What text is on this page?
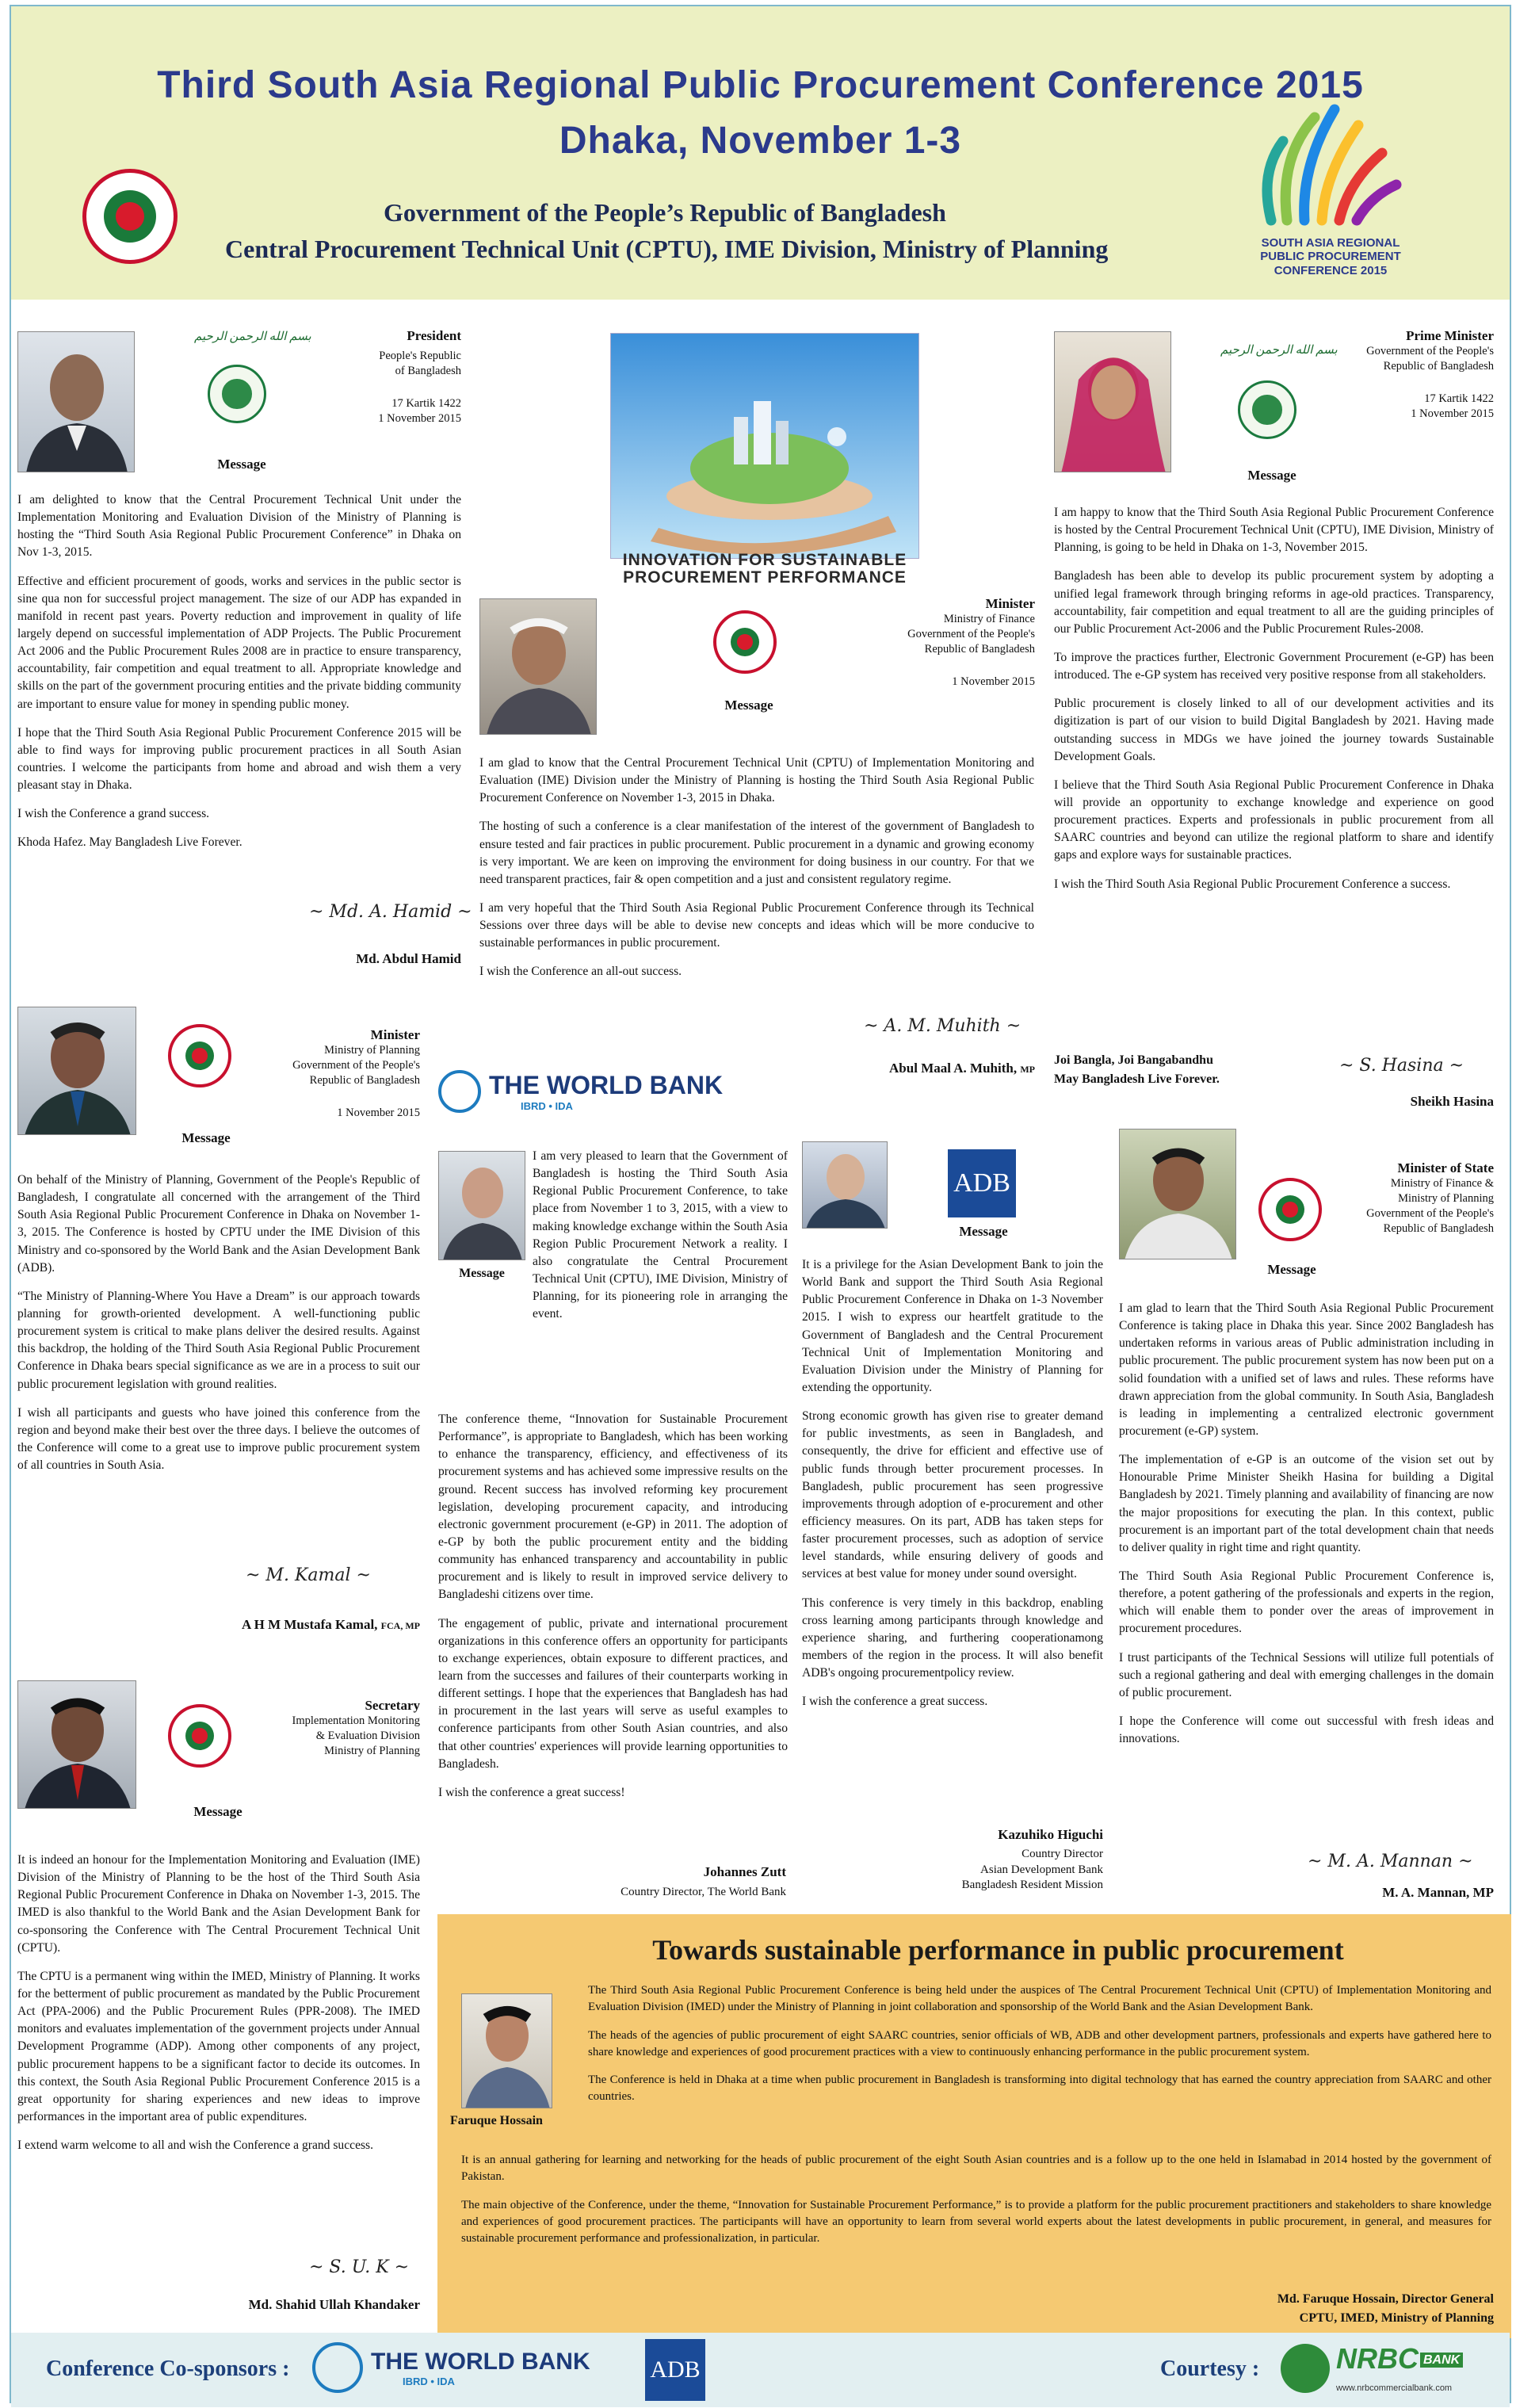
Third South Asia Regional Public Procurement Conference 2015
Dhaka, November 1-3
Government of the People’s Republic of Bangladesh
Central Procurement Technical Unit (CPTU), IME Division, Ministry of Planning	SOUTH ASIA REGIONAL
PUBLIC PROCUREMENT
CONFERENCE 2015
بسم الله الرحمن الرحيم	President
People's Republic
of Bangladesh
17 Kartik 1422
1 November 2015
Message

I am delighted to know that the Central Procurement Technical Unit under the Implementation Monitoring and Evaluation Division of the Ministry of Planning is hosting the “Third South Asia Regional Public Procurement Conference” in Dhaka on Nov 1-3, 2015.

Effective and efficient procurement of goods, works and services in the public sector is sine qua non for successful project management. The size of our ADP has expanded in manifold in recent past years. Poverty reduction and improvement in quality of life largely depend on successful implementation of ADP Projects. The Public Procurement Act 2006 and the Public Procurement Rules 2008 are in practice to ensure transparency, accountability, fair competition and equal treatment to all. Appropriate knowledge and skills on the part of the government procuring entities and the private bidding community are important to ensure value for money in spending public money.

I hope that the Third South Asia Regional Public Procurement Conference 2015 will be able to find ways for improving public procurement practices in all South Asian countries. I welcome the participants from home and abroad and wish them a very pleasant stay in Dhaka.

I wish the Conference a grand success.

Khoda Hafez. May Bangladesh Live Forever.

~ Md. A. Hamid ~
Md. Abdul Hamid
INNOVATION FOR SUSTAINABLE
PROCUREMENT PERFORMANCE
بسم الله الرحمن الرحيم
Prime Minister
Government of the People's
Republic of Bangladesh
17 Kartik 1422
1 November 2015
Message

I am happy to know that the Third South Asia Regional Public Procurement Conference is hosted by the Central Procurement Technical Unit (CPTU), IME Division, Ministry of Planning, is going to be held in Dhaka on 1-3, November 2015.

Bangladesh has been able to develop its public procurement system by adopting a unified legal framework through bringing reforms in age-old practices. Transparency, accountability, fair competition and equal treatment to all are the guiding principles of our Public Procurement Act-2006 and the Public Procurement Rules-2008.

To improve the practices further, Electronic Government Procurement (e-GP) has been introduced. The e-GP system has received very positive response from all stakeholders.

Public procurement is closely linked to all of our development activities and its digitization is part of our vision to build Digital Bangladesh by 2021. Having made outstanding success in MDGs we have joined the journey towards Sustainable Development Goals.

I believe that the Third South Asia Regional Public Procurement Conference in Dhaka will provide an opportunity to exchange knowledge and experience on good procurement practices. Experts and professionals in public procurement from all SAARC countries and beyond can utilize the regional platform to share and identify gaps and explore ways for sustainable practices.

I wish the Third South Asia Regional Public Procurement Conference a success.

Joi Bangla, Joi Bangabandhu
May Bangladesh Live Forever.
~ S. Hasina ~
Sheikh Hasina
Message
Minister
Ministry of Finance
Government of the People's
Republic of Bangladesh
1 November 2015

I am glad to know that the Central Procurement Technical Unit (CPTU) of Implementation Monitoring and Evaluation (IME) Division under the Ministry of Planning is hosting the Third South Asia Regional Public Procurement Conference on November 1-3, 2015 in Dhaka.

The hosting of such a conference is a clear manifestation of the interest of the government of Bangladesh to ensure tested and fair practices in public procurement. Public procurement in a dynamic and growing economy is very important. We are keen on improving the environment for doing business in our country. For that we need transparent practices, fair & open competition and a just and consistent regulatory regime.

I am very hopeful that the Third South Asia Regional Public Procurement Conference through its Technical Sessions over three days will be able to devise new concepts and ideas which will be more conducive to sustainable performances in public procurement.

I wish the Conference an all-out success.

~ A. M. Muhith ~
Abul Maal A. Muhith, MP
Message
Minister
Ministry of Planning
Government of the People's
Republic of Bangladesh
1 November 2015

On behalf of the Ministry of Planning, Government of the People's Republic of Bangladesh, I congratulate all concerned with the arrangement of the Third South Asia Regional Public Procurement Conference in Dhaka on November 1-3, 2015. The Conference is hosted by CPTU under the IME Division of this Ministry and co-sponsored by the World Bank and the Asian Development Bank (ADB).

“The Ministry of Planning-Where You Have a Dream” is our approach towards planning for growth-oriented development. A well-functioning public procurement system is critical to make plans deliver the desired results. Against this backdrop, the holding of the Third South Asia Regional Public Procurement Conference in Dhaka bears special significance as we are in a process to suit our public procurement legislation with ground realities.

I wish all participants and guests who have joined this conference from the region and beyond make their best over the three days. I believe the outcomes of the Conference will come to a great use to improve public procurement system of all countries in South Asia.

~ M. Kamal ~
A H M Mustafa Kamal, FCA, MP
THE WORLD BANK
IBRD • IDA
Message

I am very pleased to learn that the Government of Bangladesh is hosting the Third South Asia Regional Public Procurement Conference, to take place from November 1 to 3, 2015, with a view to making knowledge exchange within the South Asia Region Public Procurement Network a reality. I also congratulate the Central Procurement Technical Unit (CPTU), IME Division, Ministry of Planning, for its pioneering role in arranging the event.

The conference theme, “Innovation for Sustainable Procurement Performance”, is appropriate to Bangladesh, which has been working to enhance the transparency, efficiency, and effectiveness of its procurement systems and has achieved some impressive results on the ground. Recent success has involved reforming key procurement legislation, developing procurement capacity, and introducing electronic government procurement (e-GP) in 2011. The adoption of e-GP by both the public procurement entity and the bidding community has enhanced transparency and accountability in public procurement and is likely to result in improved service delivery to Bangladeshi citizens over time.

The engagement of public, private and international procurement organizations in this conference offers an opportunity for participants to exchange experiences, obtain exposure to different practices, and learn from the successes and failures of their counterparts working in different settings. I hope that the experiences that Bangladesh has had in procurement in the last years will serve as useful examples to conference participants from other South Asian countries, and also that other countries' experiences will provide learning opportunities to Bangladesh.

I wish the conference a great success!

Johannes Zutt
Country Director, The World Bank
ADB
Message

It is a privilege for the Asian Development Bank to join the World Bank and support the Third South Asia Regional Public Procurement Conference in Dhaka on 1-3 November 2015. I wish to express our heartfelt gratitude to the Government of Bangladesh and the Central Procurement Technical Unit of Implementation Monitoring and Evaluation Division under the Ministry of Planning for extending the opportunity.

Strong economic growth has given rise to greater demand for public investments, as seen in Bangladesh, and consequently, the drive for efficient and effective use of public funds through better procurement processes. In Bangladesh, public procurement has seen progressive improvements through adoption of e-procurement and other efficiency measures. On its part, ADB has taken steps for faster procurement processes, such as adoption of service level standards, while ensuring delivery of goods and services at best value for money under sound oversight.

This conference is very timely in this backdrop, enabling cross learning among participants through knowledge and experience sharing, and furthering cooperationamong members of the region in the process. It will also benefit ADB's ongoing procurementpolicy review.

I wish the conference a great success.

Kazuhiko Higuchi
Country Director
Asian Development Bank
Bangladesh Resident Mission
Message
Minister of State
Ministry of Finance &
Ministry of Planning
Government of the People's
Republic of Bangladesh

I am glad to learn that the Third South Asia Regional Public Procurement Conference is taking place in Dhaka this year. Since 2002 Bangladesh has undertaken reforms in various areas of Public administration including in public procurement. The public procurement system has now been put on a solid foundation with a unified set of laws and rules. These reforms have drawn appreciation from the global community. In South Asia, Bangladesh is leading in implementing a centralized electronic government procurement (e-GP) system.

The implementation of e-GP is an outcome of the vision set out by Honourable Prime Minister Sheikh Hasina for building a Digital Bangladesh by 2021. Timely planning and availability of financing are now the major propositions for executing the plan. In this context, public procurement is an important part of the total development chain that needs to deliver quality in right time and right quantity.

The Third South Asia Regional Public Procurement Conference is, therefore, a potent gathering of the professionals and experts in the region, which will enable them to ponder over the areas of improvement in procurement procedures.

I trust participants of the Technical Sessions will utilize full potentials of such a regional gathering and deal with emerging challenges in the domain of public procurement.

I hope the Conference will come out successful with fresh ideas and innovations.

~ M. A. Mannan ~
M. A. Mannan, MP
Message
Secretary
Implementation Monitoring
& Evaluation Division
Ministry of Planning

It is indeed an honour for the Implementation Monitoring and Evaluation (IME) Division of the Ministry of Planning to be the host of the Third South Asia Regional Public Procurement Conference in Dhaka on November 1-3, 2015. The IMED is also thankful to the World Bank and the Asian Development Bank for co-sponsoring the Conference with The Central Procurement Technical Unit (CPTU).

The CPTU is a permanent wing within the IMED, Ministry of Planning. It works for the betterment of public procurement as mandated by the Public Procurement Act (PPA-2006) and the Public Procurement Rules (PPR-2008). The IMED monitors and evaluates implementation of the government projects under Annual Development Programme (ADP). Among other components of any project, public procurement happens to be a significant factor to decide its outcomes. In this context, the South Asia Regional Public Procurement Conference 2015 is a great opportunity for sharing experiences and new ideas to improve performances in the important area of public expenditures.

I extend warm welcome to all and wish the Conference a grand success.

~ S. U. K ~
Md. Shahid Ullah Khandaker
Towards sustainable performance in public procurement
Faruque Hossain

The Third South Asia Regional Public Procurement Conference is being held under the auspices of The Central Procurement Technical Unit (CPTU) of Implementation Monitoring and Evaluation Division (IMED) under the Ministry of Planning in joint collaboration and sponsorship of the World Bank and the Asian Development Bank.

The heads of the agencies of public procurement of eight SAARC countries, senior officials of WB, ADB and other development partners, professionals and experts have gathered here to share knowledge and experiences of good procurement practices with a view to continuously enhancing performance in the public procurement system.

The Conference is held in Dhaka at a time when public procurement in Bangladesh is transforming into digital technology that has earned the country appreciation from SAARC and other countries.

It is an annual gathering for learning and networking for the heads of public procurement of the eight South Asian countries and is a follow up to the one held in Islamabad in 2014 hosted by the government of Pakistan.

The main objective of the Conference, under the theme, “Innovation for Sustainable Procurement Performance,” is to provide a platform for the public procurement practitioners and stakeholders to share knowledge and experiences of good procurement practices. The participants will have an opportunity to learn from several world experts about the latest developments in public procurement, in general, and measures for sustainable procurement performance and professionalization, in particular.

Md. Faruque Hossain, Director General
CPTU, IMED, Ministry of Planning
Conference Co-sponsors :	THE WORLD BANK
IBRD • IDA	ADB	Courtesy :	NRBC BANK
www.nrbcommercialbank.com
